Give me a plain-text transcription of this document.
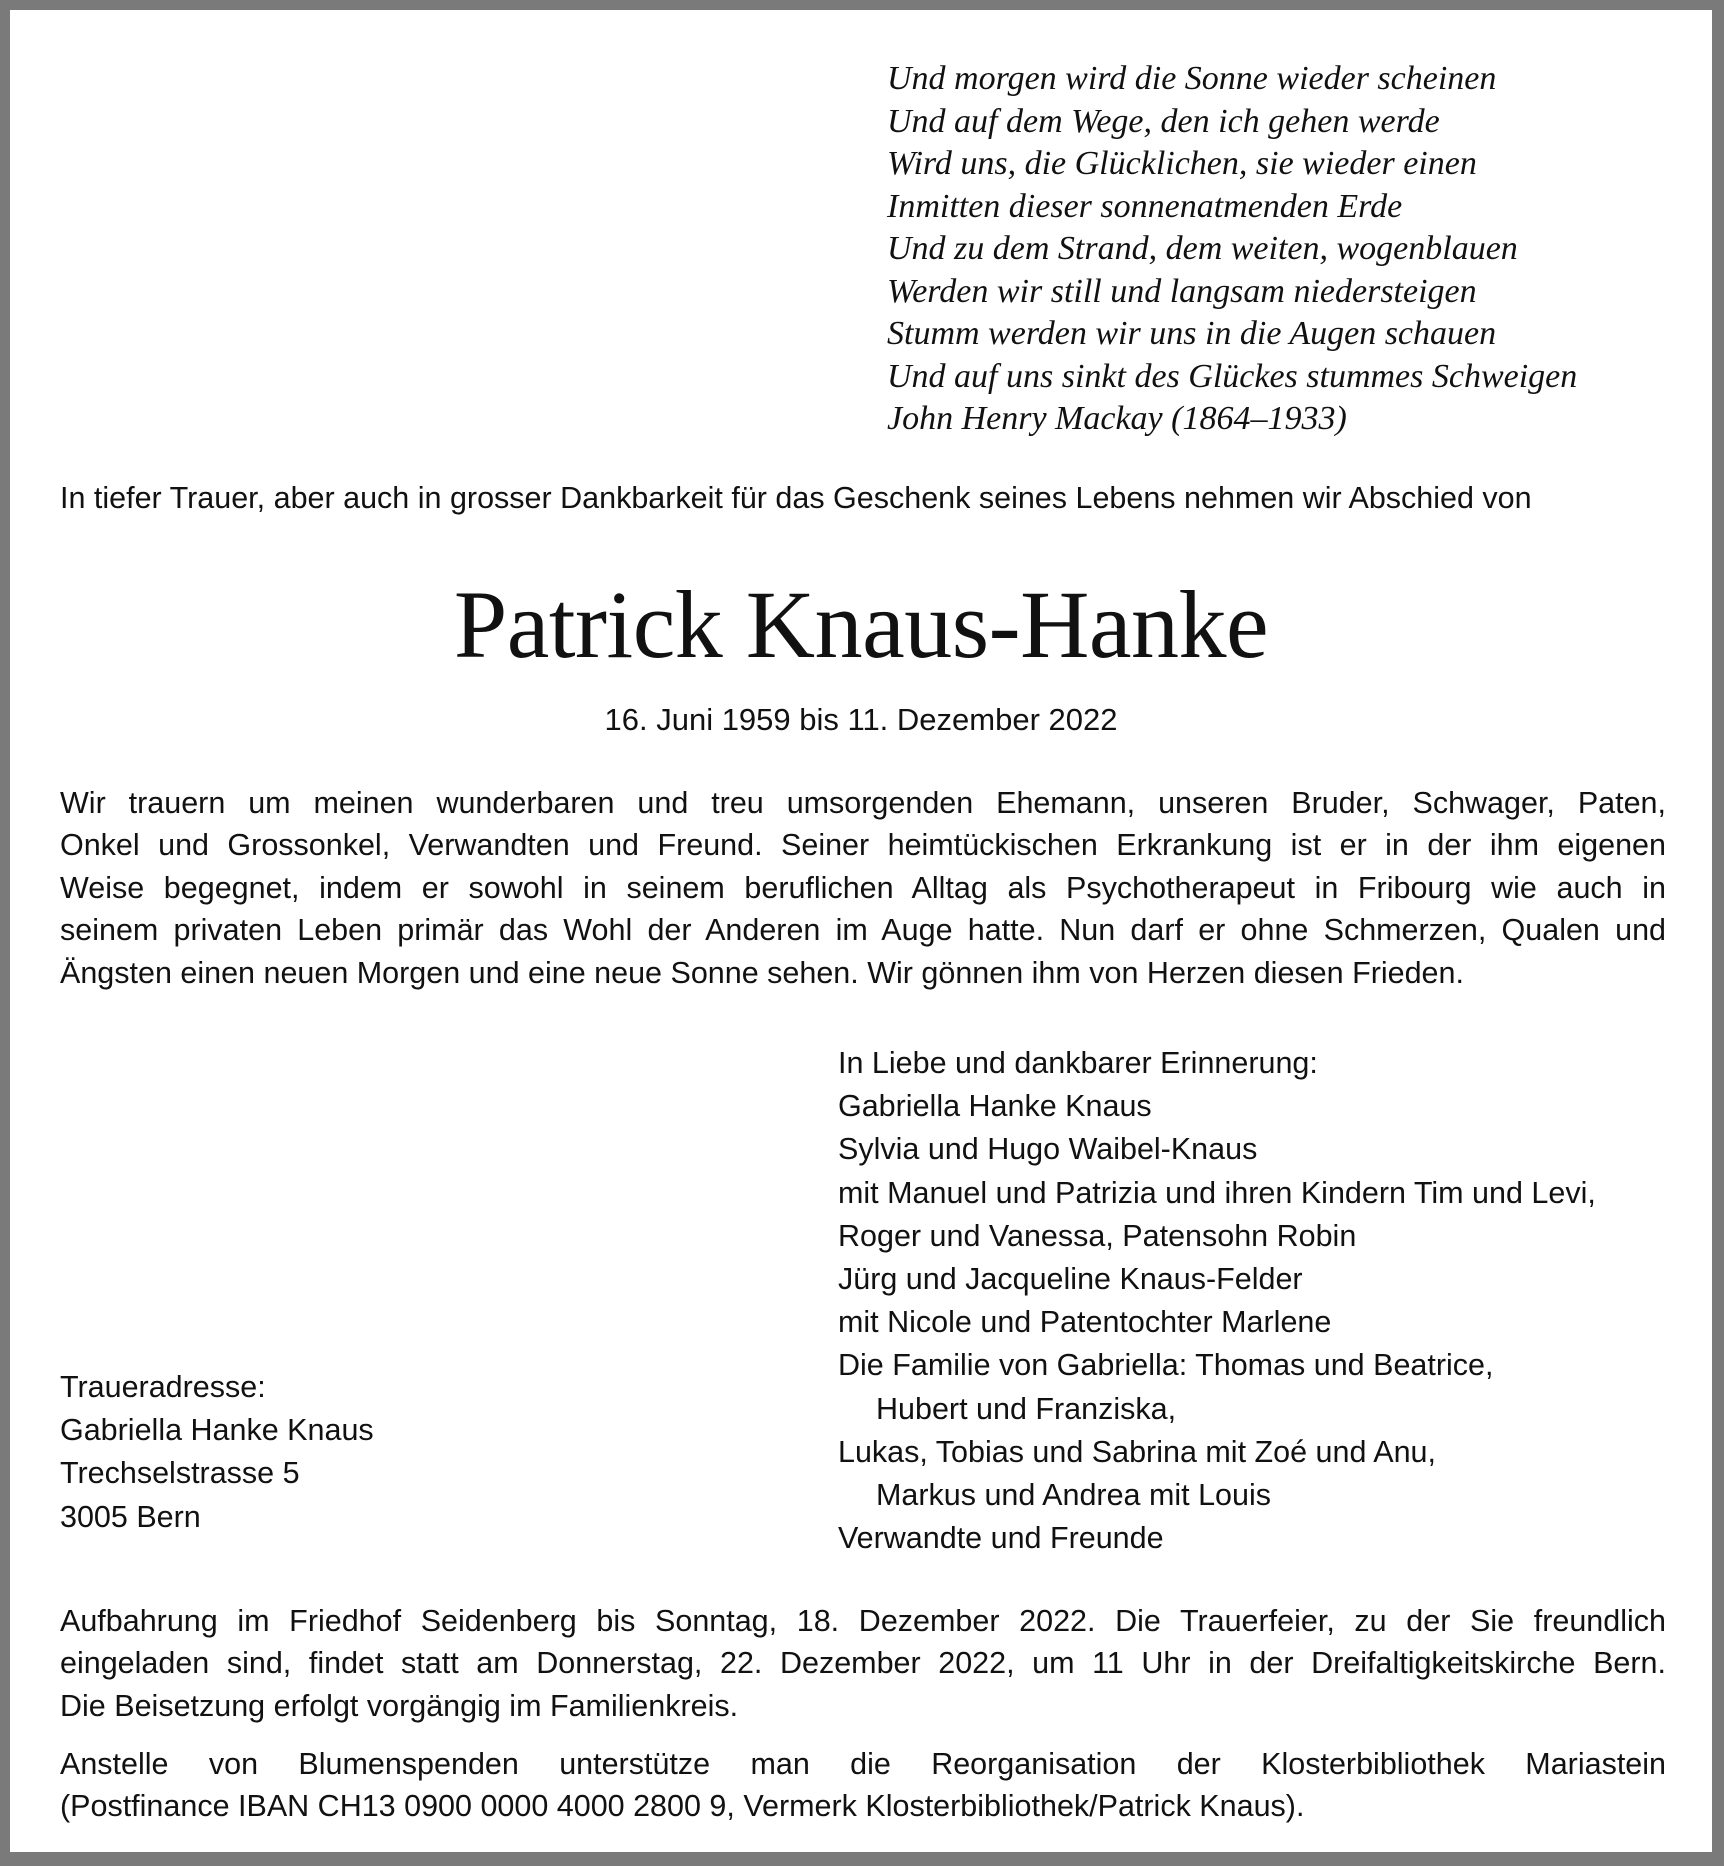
Und morgen wird die Sonne wieder scheinen
Und auf dem Wege, den ich gehen werde
Wird uns, die Glücklichen, sie wieder einen
Inmitten dieser sonnenatmenden Erde
Und zu dem Strand, dem weiten, wogenblauen
Werden wir still und langsam niedersteigen
Stumm werden wir uns in die Augen schauen
Und auf uns sinkt des Glückes stummes Schweigen
John Henry Mackay (1864–1933)
In tiefer Trauer, aber auch in grosser Dankbarkeit für das Geschenk seines Lebens nehmen wir Abschied von
Patrick Knaus-Hanke
16. Juni 1959 bis 11. Dezember 2022
Wir trauern um meinen wunderbaren und treu umsorgenden Ehemann, unseren Bruder, Schwager, Paten,
Onkel und Grossonkel, Verwandten und Freund. Seiner heimtückischen Erkrankung ist er in der ihm eigenen
Weise begegnet, indem er sowohl in seinem beruflichen Alltag als Psychotherapeut in Fribourg wie auch in
seinem privaten Leben primär das Wohl der Anderen im Auge hatte. Nun darf er ohne Schmerzen, Qualen und
Ängsten einen neuen Morgen und eine neue Sonne sehen. Wir gönnen ihm von Herzen diesen Frieden.
In Liebe und dankbarer Erinnerung:
Gabriella Hanke Knaus
Sylvia und Hugo Waibel-Knaus
mit Manuel und Patrizia und ihren Kindern Tim und Levi,
Roger und Vanessa, Patensohn Robin
Jürg und Jacqueline Knaus-Felder
mit Nicole und Patentochter Marlene
Die Familie von Gabriella: Thomas und Beatrice,
Hubert und Franziska,
Lukas, Tobias und Sabrina mit Zoé und Anu,
Markus und Andrea mit Louis
Verwandte und Freunde
Traueradresse:
Gabriella Hanke Knaus
Trechselstrasse 5
3005 Bern
Aufbahrung im Friedhof Seidenberg bis Sonntag, 18. Dezember 2022. Die Trauerfeier, zu der Sie freundlich
eingeladen sind, findet statt am Donnerstag, 22. Dezember 2022, um 11 Uhr in der Dreifaltigkeitskirche Bern.
Die Beisetzung erfolgt vorgängig im Familienkreis.
Anstelle von Blumenspenden unterstütze man die Reorganisation der Klosterbibliothek Mariastein
(Postfinance IBAN CH13 0900 0000 4000 2800 9, Vermerk Klosterbibliothek/Patrick Knaus).
